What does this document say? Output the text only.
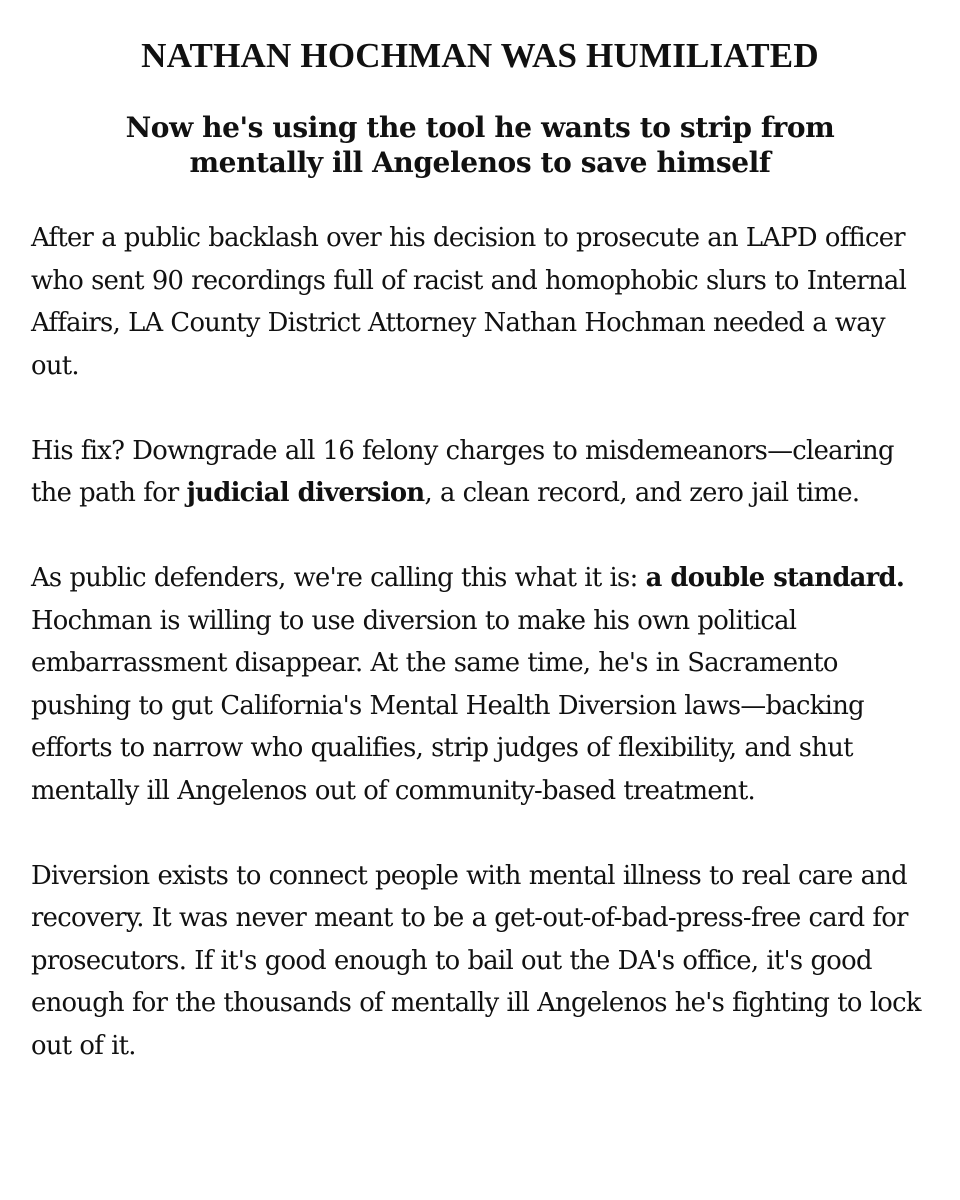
NATHAN HOCHMAN WAS HUMILIATED
Now he's using the tool he wants to strip from mentally ill Angelenos to save himself

After a public backlash over his decision to prosecute an LAPD officer who sent 90 recordings full of racist and homophobic slurs to Internal Affairs, LA County District Attorney Nathan Hochman needed a way out.

His fix? Downgrade all 16 felony charges to misdemeanors—clearing the path for judicial diversion, a clean record, and zero jail time.

As public defenders, we're calling this what it is: a double standard. Hochman is willing to use diversion to make his own political embarrassment disappear. At the same time, he's in Sacramento pushing to gut California's Mental Health Diversion laws—backing efforts to narrow who qualifies, strip judges of flexibility, and shut mentally ill Angelenos out of community-based treatment.

Diversion exists to connect people with mental illness to real care and recovery. It was never meant to be a get-out-of-bad-press-free card for prosecutors. If it's good enough to bail out the DA's office, it's good enough for the thousands of mentally ill Angelenos he's fighting to lock out of it.
